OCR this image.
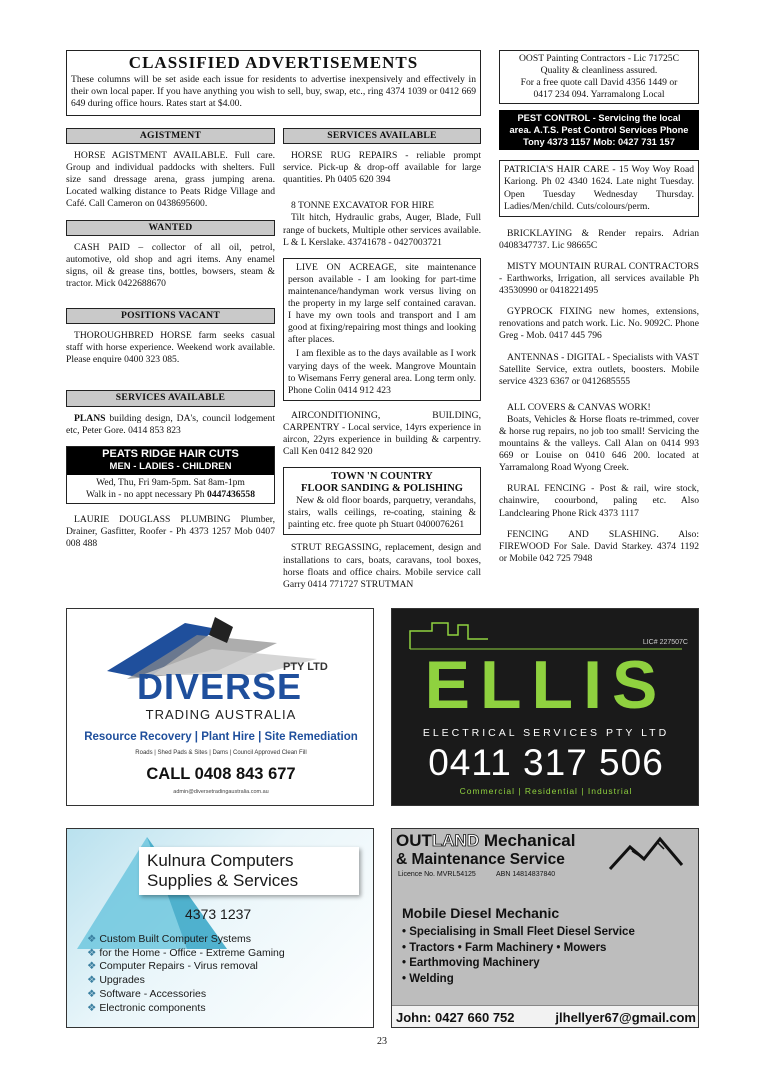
CLASSIFIED ADVERTISEMENTS

These columns will be set aside each issue for residents to advertise inexpensively and effectively in their own local paper. If you have anything you wish to sell, buy, swap, etc., ring 4374 1039 or 0412 669 649 during office hours. Rates start at $4.00.

AGISTMENT
HORSE AGISTMENT AVAILABLE. Full care. Group and individual paddocks with shelters. Full size sand dressage arena, grass jumping arena. Located walking distance to Peats Ridge Village and Café. Call Cameron on 0438695600.
WANTED
CASH PAID – collector of all oil, petrol, automotive, old shop and agri items. Any enamel signs, oil & grease tins, bottles, bowsers, steam & tractor. Mick 0422688670
POSITIONS VACANT
THOROUGHBRED HORSE farm seeks casual staff with horse experience. Weekend work available. Please enquire 0400 323 085.
SERVICES AVAILABLE
PLANS building design, DA's, council lodgement etc, Peter Gore. 0414 853 823
PEATS RIDGE HAIR CUTS
MEN - LADIES - CHILDREN
Wed, Thu, Fri 9am-5pm. Sat 8am-1pm
Walk in - no appt necessary Ph 0447436558
LAURIE DOUGLASS PLUMBING Plumber, Drainer, Gasfitter, Roofer - Ph 4373 1257 Mob 0407 008 488
SERVICES AVAILABLE
HORSE RUG REPAIRS - reliable prompt service. Pick-up & drop-off available for large quantities. Ph 0405 620 394
8 TONNE EXCAVATOR FOR HIRE
Tilt hitch, Hydraulic grabs, Auger, Blade, Full range of buckets, Multiple other services available. L & L Kerslake. 43741678 - 0427003721

LIVE ON ACREAGE, site maintenance person available - I am looking for part-time maintenance/handyman work versus living on the property in my large self contained caravan. I have my own tools and transport and I am good at fixing/repairing most things and looking after places.

I am flexible as to the days available as I work varying days of the week. Mangrove Mountain to Wisemans Ferry general area. Long term only. Phone Colin 0414 912 423

AIRCONDITIONING, BUILDING, CARPENTRY - Local service, 14yrs experience in aircon, 22yrs experience in building & carpentry. Call Ken 0412 842 920
TOWN 'N COUNTRY
FLOOR SANDING & POLISHING
New & old floor boards, parquetry, verandahs, stairs, walls ceilings, re-coating, staining & painting etc. free quote ph Stuart 0400076261
STRUT REGASSING, replacement, design and installations to cars, boats, caravans, tool boxes, horse floats and office chairs. Mobile service call Garry 0414 771727 STRUTMAN
OOST Painting Contractors - Lic 71725C
Quality & cleanliness assured.
For a free quote call David 4356 1449 or
0417 234 094. Yarramalong Local
PEST CONTROL - Servicing the local
area. A.T.S. Pest Control Services Phone
Tony 4373 1157 Mob: 0427 731 157
PATRICIA'S HAIR CARE - 15 Woy Woy Road Kariong. Ph 02 4340 1624. Late night Tuesday. Open Tuesday Wednesday Thursday. Ladies/Men/child. Cuts/colours/perm.
BRICKLAYING & Render repairs. Adrian 0408347737. Lic 98665C
MISTY MOUNTAIN RURAL CONTRACTORS - Earthworks, Irrigation, all services available Ph 43530990 or 0418221495
GYPROCK FIXING new homes, extensions, renovations and patch work. Lic. No. 9092C. Phone Greg - Mob. 0417 445 796
ANTENNAS - DIGITAL - Specialists with VAST Satellite Service, extra outlets, boosters. Mobile service 4323 6367 or 0412685555
ALL COVERS & CANVAS WORK!
Boats, Vehicles & Horse floats re-trimmed, cover & horse rug repairs, no job too small! Servicing the mountains & the valleys. Call Alan on 0414 993 669 or Louise on 0410 646 200. located at Yarramalong Road Wyong Creek.
RURAL FENCING - Post & rail, wire stock, chainwire, coourbond, paling etc. Also Landclearing Phone Rick 4373 1117
FENCING AND SLASHING. Also: FIREWOOD For Sale. David Starkey. 4374 1192 or Mobile 042 725 7948
PTY LTD
DIVERSE
TRADING AUSTRALIA
Resource Recovery | Plant Hire | Site Remediation
Roads | Shed Pads & Sites | Dams | Council Approved Clean Fill
CALL 0408 843 677
admin@diversetradingaustralia.com.au
LIC# 227507C
ELLIS
ELECTRICAL SERVICES PTY LTD
0411 317 506
Commercial | Residential | Industrial
Kulnura Computers
Supplies & Services
4373 1237
❖ Custom Built Computer Systems
❖ for the Home - Office - Extreme Gaming
❖ Computer Repairs - Virus removal
❖ Upgrades
❖ Software - Accessories
❖ Electronic components
OUTLAND Mechanical
& Maintenance Service
Licence No. MVRL54125	ABN 14814837840
Mobile Diesel Mechanic
• Specialising in Small Fleet Diesel Service
• Tractors • Farm Machinery • Mowers
• Earthmoving Machinery
• Welding
John: 0427 660 752	jlhellyer67@gmail.com
23
